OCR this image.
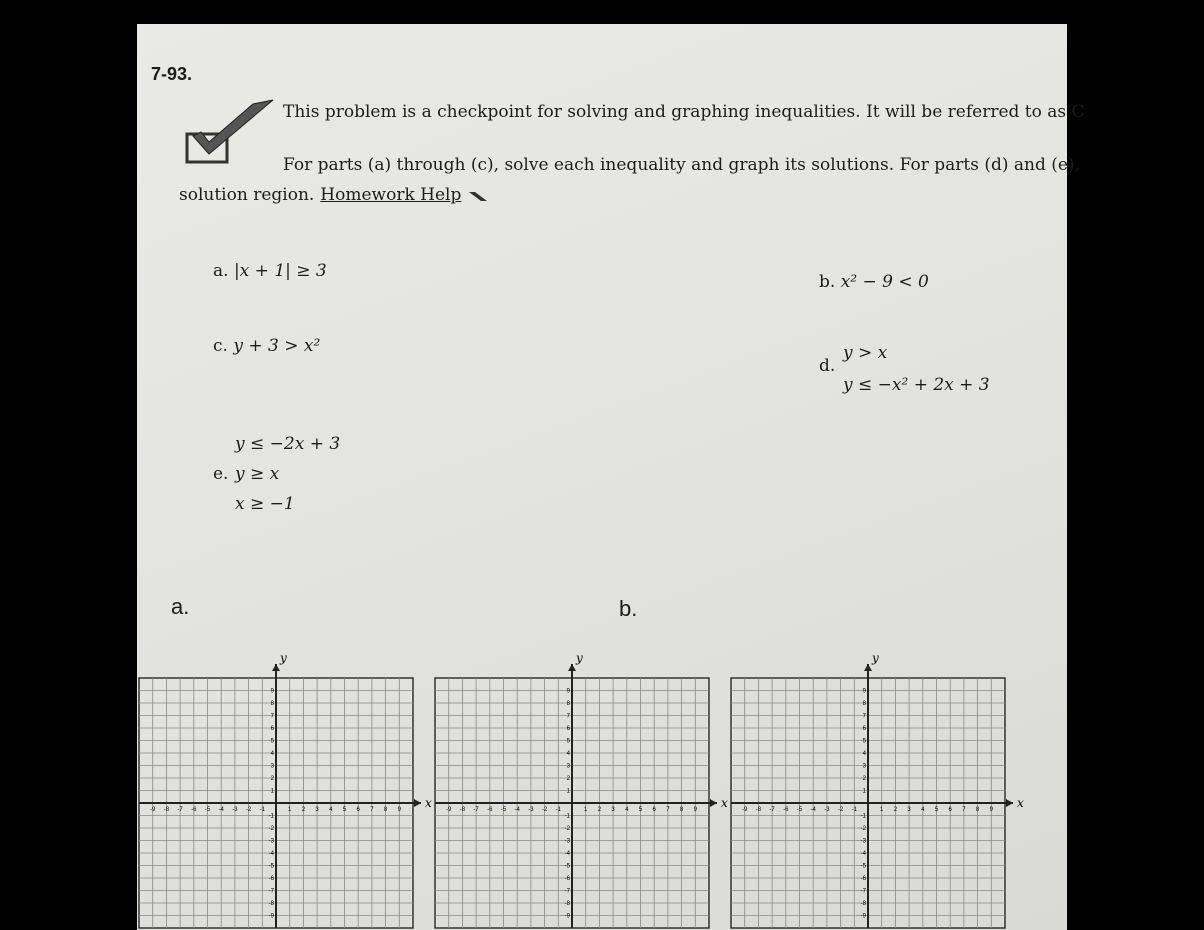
7-93.
This problem is a checkpoint for solving and graphing inequalities. It will be referred to as C
For parts (a) through (c), solve each inequality and graph its solutions. For parts (d) and (e),
solution region. Homework Help
a. |x + 1| ≥ 3
b. x² − 9 < 0
c. y + 3 > x²
d.
y > x
y ≤ −x² + 2x + 3
y ≤ −2x + 3
e. y ≥ x
x ≥ −1
a.	b.
x
y
-9
-9
-8
-8
-7
-7
-6
-6
-5
-5
-4
-4
-3
-3
-2
-2
-1
-1
1
1
2
2
3
3
4
4
5
5
6
6
7
7
8
8
9
9
x
y
-9
-9
-8
-8
-7
-7
-6
-6
-5
-5
-4
-4
-3
-3
-2
-2
-1
-1
1
1
2
2
3
3
4
4
5
5
6
6
7
7
8
8
9
9
x
y
-9
-9
-8
-8
-7
-7
-6
-6
-5
-5
-4
-4
-3
-3
-2
-2
-1
-1
1
1
2
2
3
3
4
4
5
5
6
6
7
7
8
8
9
9
